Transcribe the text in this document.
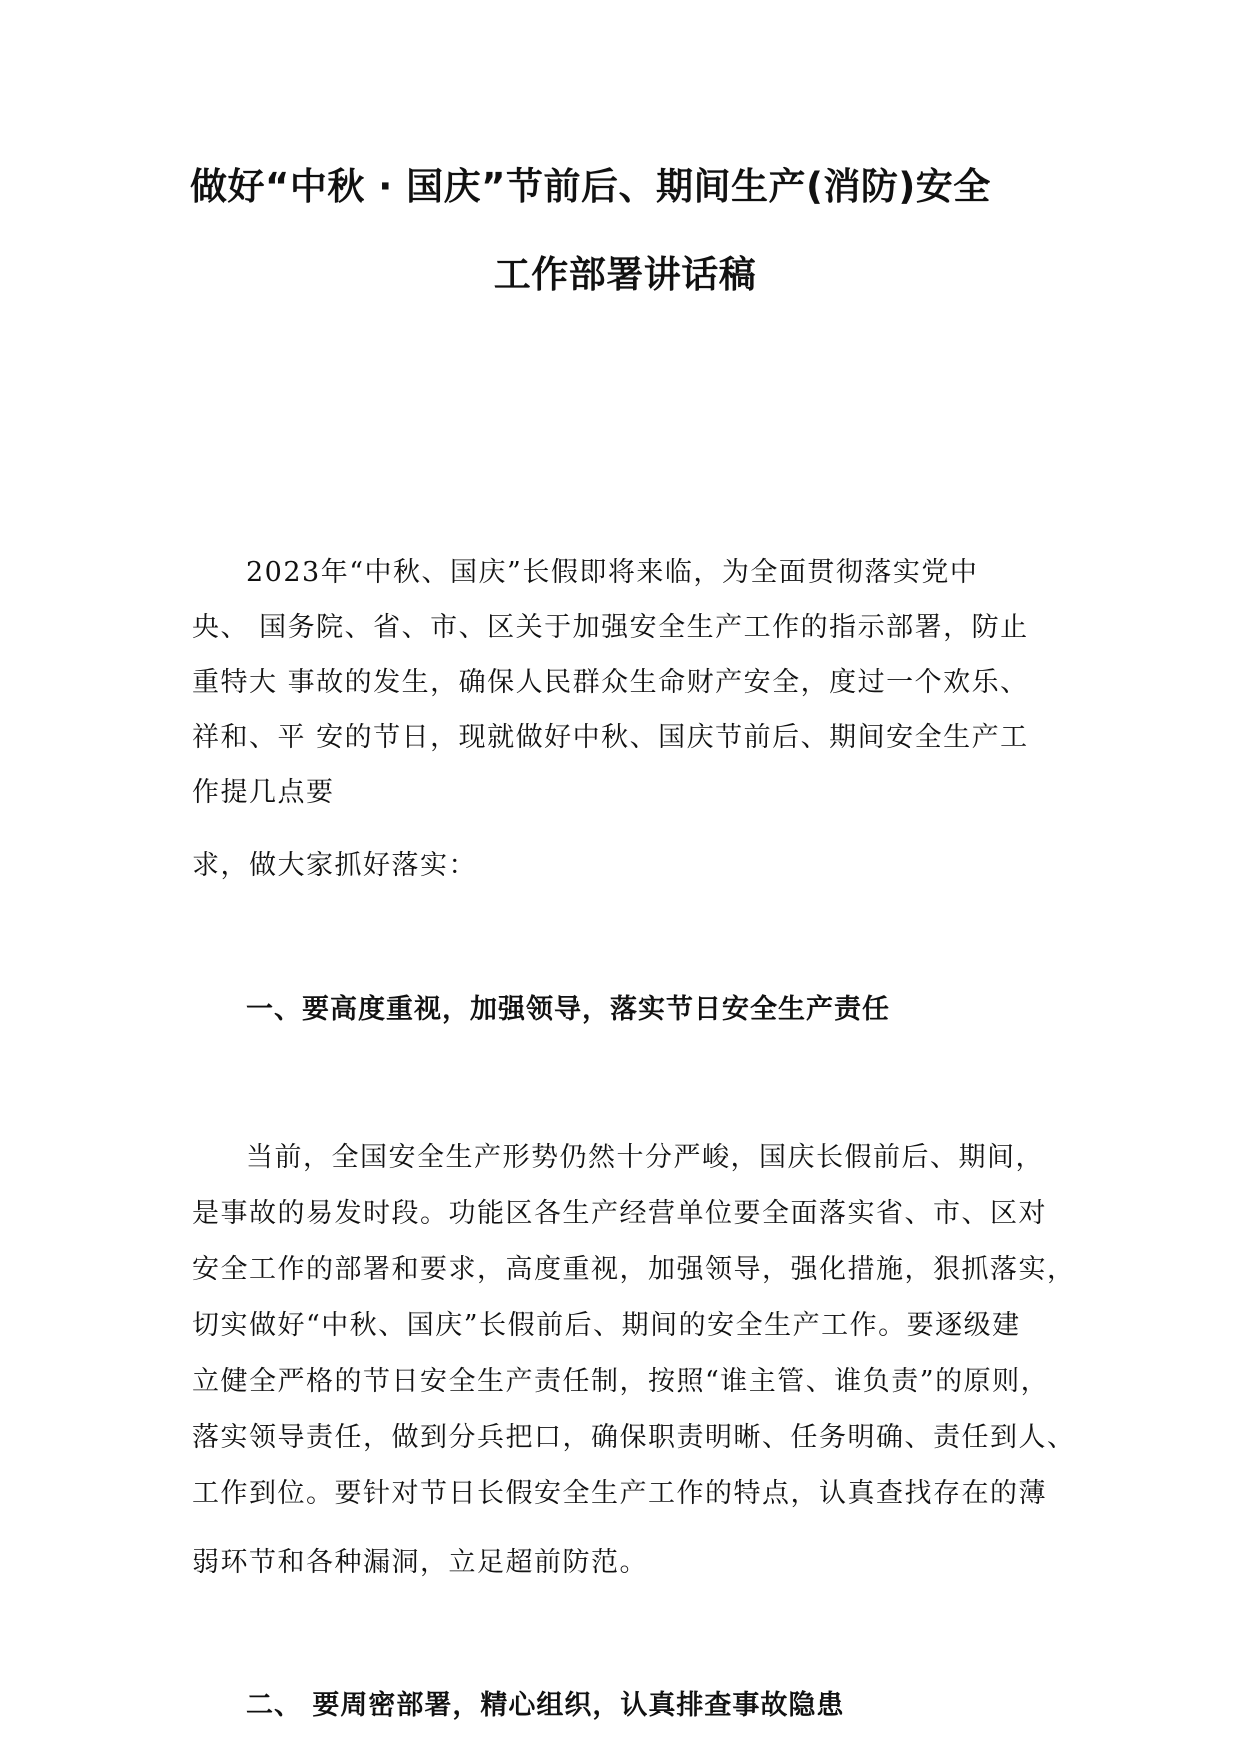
做好“中秋 · 国庆”节前后、期间生产(消防)安全
工作部署讲话稿

2023年“中秋、国庆”长假即将来临，为全面贯彻落实党中

央、 国务院、省、市、区关于加强安全生产工作的指示部署，防止

重特大 事故的发生，确保人民群众生命财产安全，度过一个欢乐、

祥和、平 安的节日，现就做好中秋、国庆节前后、期间安全生产工

作提几点要

求，做大家抓好落实：

一、要高度重视，加强领导，落实节日安全生产责任

当前，全国安全生产形势仍然十分严峻，国庆长假前后、期间，

是事故的易发时段。功能区各生产经营单位要全面落实省、市、区对

安全工作的部署和要求，高度重视，加强领导，强化措施，狠抓落实，

切实做好“中秋、国庆”长假前后、期间的安全生产工作。要逐级建

立健全严格的节日安全生产责任制，按照“谁主管、谁负责”的原则，

落实领导责任，做到分兵把口，确保职责明晰、任务明确、责任到人、

工作到位。要针对节日长假安全生产工作的特点，认真查找存在的薄

弱环节和各种漏洞，立足超前防范。

二、 要周密部署，精心组织，认真排查事故隐患
